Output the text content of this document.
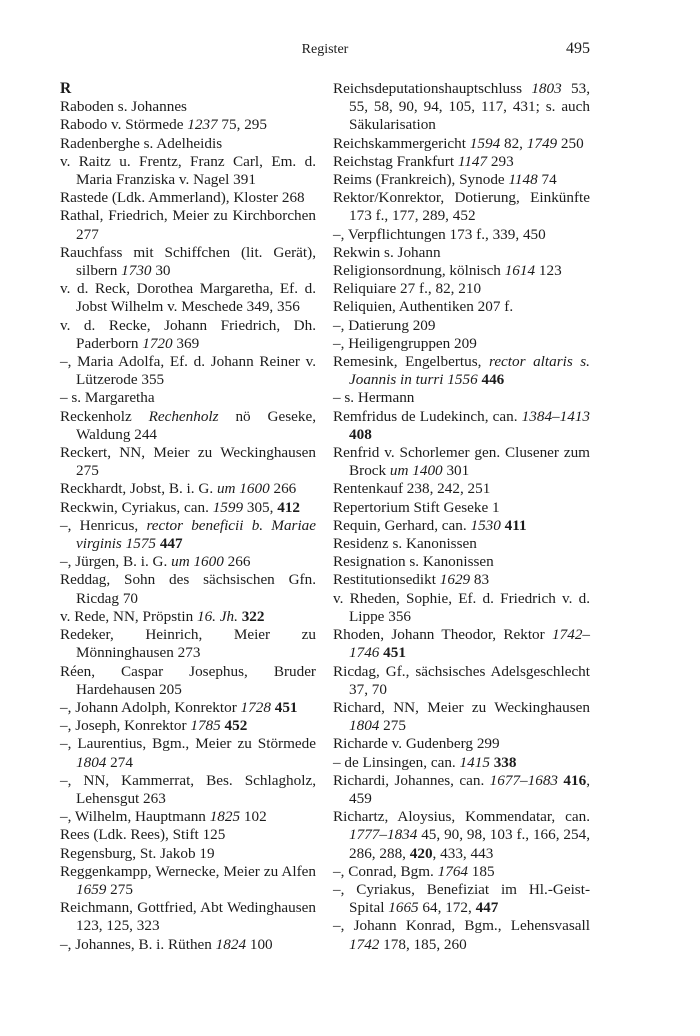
Register	495
R
Raboden s. Johannes
Rabodo v. Störmede 1237 75, 295
Radenberghe s. Adelheidis
v. Raitz u. Frentz, Franz Carl, Em. d. Maria Franziska v. Nagel 391
Rastede (Ldk. Ammerland), Kloster 268
Rathal, Friedrich, Meier zu Kirchborchen 277
Rauchfass mit Schiffchen (lit. Gerät), silbern 1730 30
v. d. Reck, Dorothea Margaretha, Ef. d. Jobst Wilhelm v. Meschede 349, 356
v. d. Recke, Johann Friedrich, Dh. Paderborn 1720 369
–, Maria Adolfa, Ef. d. Johann Reiner v. Lützerode 355
– s. Margaretha
Reckenholz Rechenholz nö Geseke, Waldung 244
Reckert, NN, Meier zu Weckinghausen 275
Reckhardt, Jobst, B. i. G. um 1600 266
Reckwin, Cyriakus, can. 1599 305, 412
–, Henricus, rector beneficii b. Mariae virginis 1575 447
–, Jürgen, B. i. G. um 1600 266
Reddag, Sohn des sächsischen Gfn. Ricdag 70
v. Rede, NN, Pröpstin 16. Jh. 322
Redeker, Heinrich, Meier zu Mönninghausen 273
Réen, Caspar Josephus, Bruder Hardehausen 205
–, Johann Adolph, Konrektor 1728 451
–, Joseph, Konrektor 1785 452
–, Laurentius, Bgm., Meier zu Störmede 1804 274
–, NN, Kammerrat, Bes. Schlagholz, Lehensgut 263
–, Wilhelm, Hauptmann 1825 102
Rees (Ldk. Rees), Stift 125
Regensburg, St. Jakob 19
Reggenkampp, Wernecke, Meier zu Alfen 1659 275
Reichmann, Gottfried, Abt Wedinghausen 123, 125, 323
–, Johannes, B. i. Rüthen 1824 100
Reichsdeputationshauptschluss 1803 53, 55, 58, 90, 94, 105, 117, 431; s. auch Säkularisation
Reichskammergericht 1594 82, 1749 250
Reichstag Frankfurt 1147 293
Reims (Frankreich), Synode 1148 74
Rektor/Konrektor, Dotierung, Einkünfte 173 f., 177, 289, 452
–, Verpflichtungen 173 f., 339, 450
Rekwin s. Johann
Religionsordnung, kölnisch 1614 123
Reliquiare 27 f., 82, 210
Reliquien, Authentiken 207 f.
–, Datierung 209
–, Heiligengruppen 209
Remesink, Engelbertus, rector altaris s. Joannis in turri 1556 446
– s. Hermann
Remfridus de Ludekinch, can. 1384–1413 408
Renfrid v. Schorlemer gen. Clusener zum Brock um 1400 301
Rentenkauf 238, 242, 251
Repertorium Stift Geseke 1
Requin, Gerhard, can. 1530 411
Residenz s. Kanonissen
Resignation s. Kanonissen
Restitutionsedikt 1629 83
v. Rheden, Sophie, Ef. d. Friedrich v. d. Lippe 356
Rhoden, Johann Theodor, Rektor 1742–1746 451
Ricdag, Gf., sächsisches Adelsgeschlecht 37, 70
Richard, NN, Meier zu Weckinghausen 1804 275
Richarde v. Gudenberg 299
– de Linsingen, can. 1415 338
Richardi, Johannes, can. 1677–1683 416, 459
Richartz, Aloysius, Kommendatar, can. 1777–1834 45, 90, 98, 103 f., 166, 254, 286, 288, 420, 433, 443
–, Conrad, Bgm. 1764 185
–, Cyriakus, Benefiziat im Hl.-Geist-Spital 1665 64, 172, 447
–, Johann Konrad, Bgm., Lehensvasall 1742 178, 185, 260
